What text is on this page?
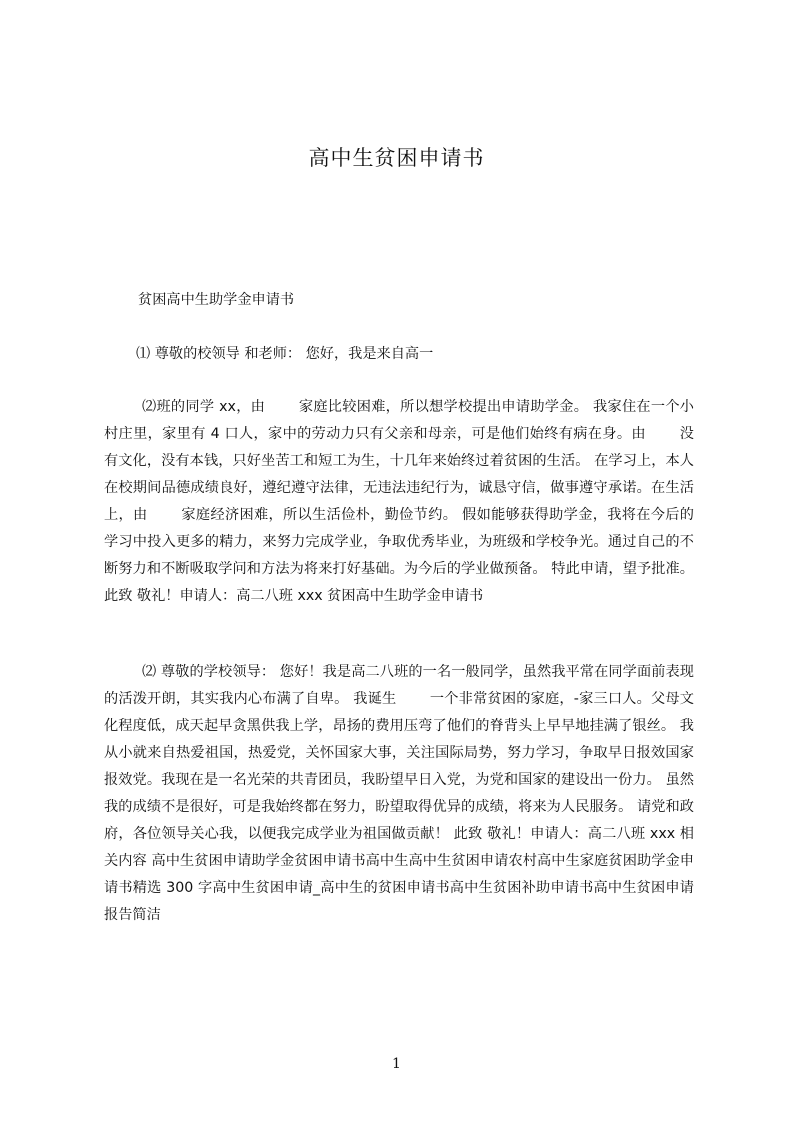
高中生贫困申请书
贫困高中生助学金申请书
⑴ 尊敬的校领导 和老师： 您好，我是来自高一
⑵班的同学 xx，由　　 家庭比较困难，所以想学校提出申请助学金。 我家住在一个小村庄里，家里有 4 口人，家中的劳动力只有父亲和母亲，可是他们始终有病在身。由　　 没有文化，没有本钱，只好坐苦工和短工为生，十几年来始终过着贫困的生活。 在学习上，本人在校期间品德成绩良好，遵纪遵守法律，无违法违纪行为，诚恳守信，做事遵守承诺。在生活上，由　　 家庭经济困难，所以生活俭朴，勤俭节约。 假如能够获得助学金，我将在今后的学习中投入更多的精力，来努力完成学业，争取优秀毕业，为班级和学校争光。通过自己的不断努力和不断吸取学问和方法为将来打好基础。为今后的学业做预备。 特此申请，望予批准。 此致 敬礼！申请人：高二八班 xxx 贫困高中生助学金申请书
⑵ 尊敬的学校领导： 您好！我是高二八班的一名一般同学，虽然我平常在同学面前表现的活泼开朗，其实我内心布满了自卑。 我诞生　　 一个非常贫困的家庭，-家三口人。父母文化程度低，成天起早贪黑供我上学，昂扬的费用压弯了他们的脊背头上早早地挂满了银丝。 我从小就来自热爱祖国，热爱党，关怀国家大事，关注国际局势，努力学习，争取早日报效国家报效党。我现在是一名光荣的共青团员，我盼望早日入党，为党和国家的建设出一份力。 虽然我的成绩不是很好，可是我始终都在努力，盼望取得优异的成绩，将来为人民服务。 请党和政府，各位领导关心我，以便我完成学业为祖国做贡献！ 此致 敬礼！申请人：高二八班 xxx 相关内容 高中生贫困申请助学金贫困申请书高中生高中生贫困申请农村高中生家庭贫困助学金申请书精选 300 字高中生贫困申请_高中生的贫困申请书高中生贫困补助申请书高中生贫困申请报告简洁
1
